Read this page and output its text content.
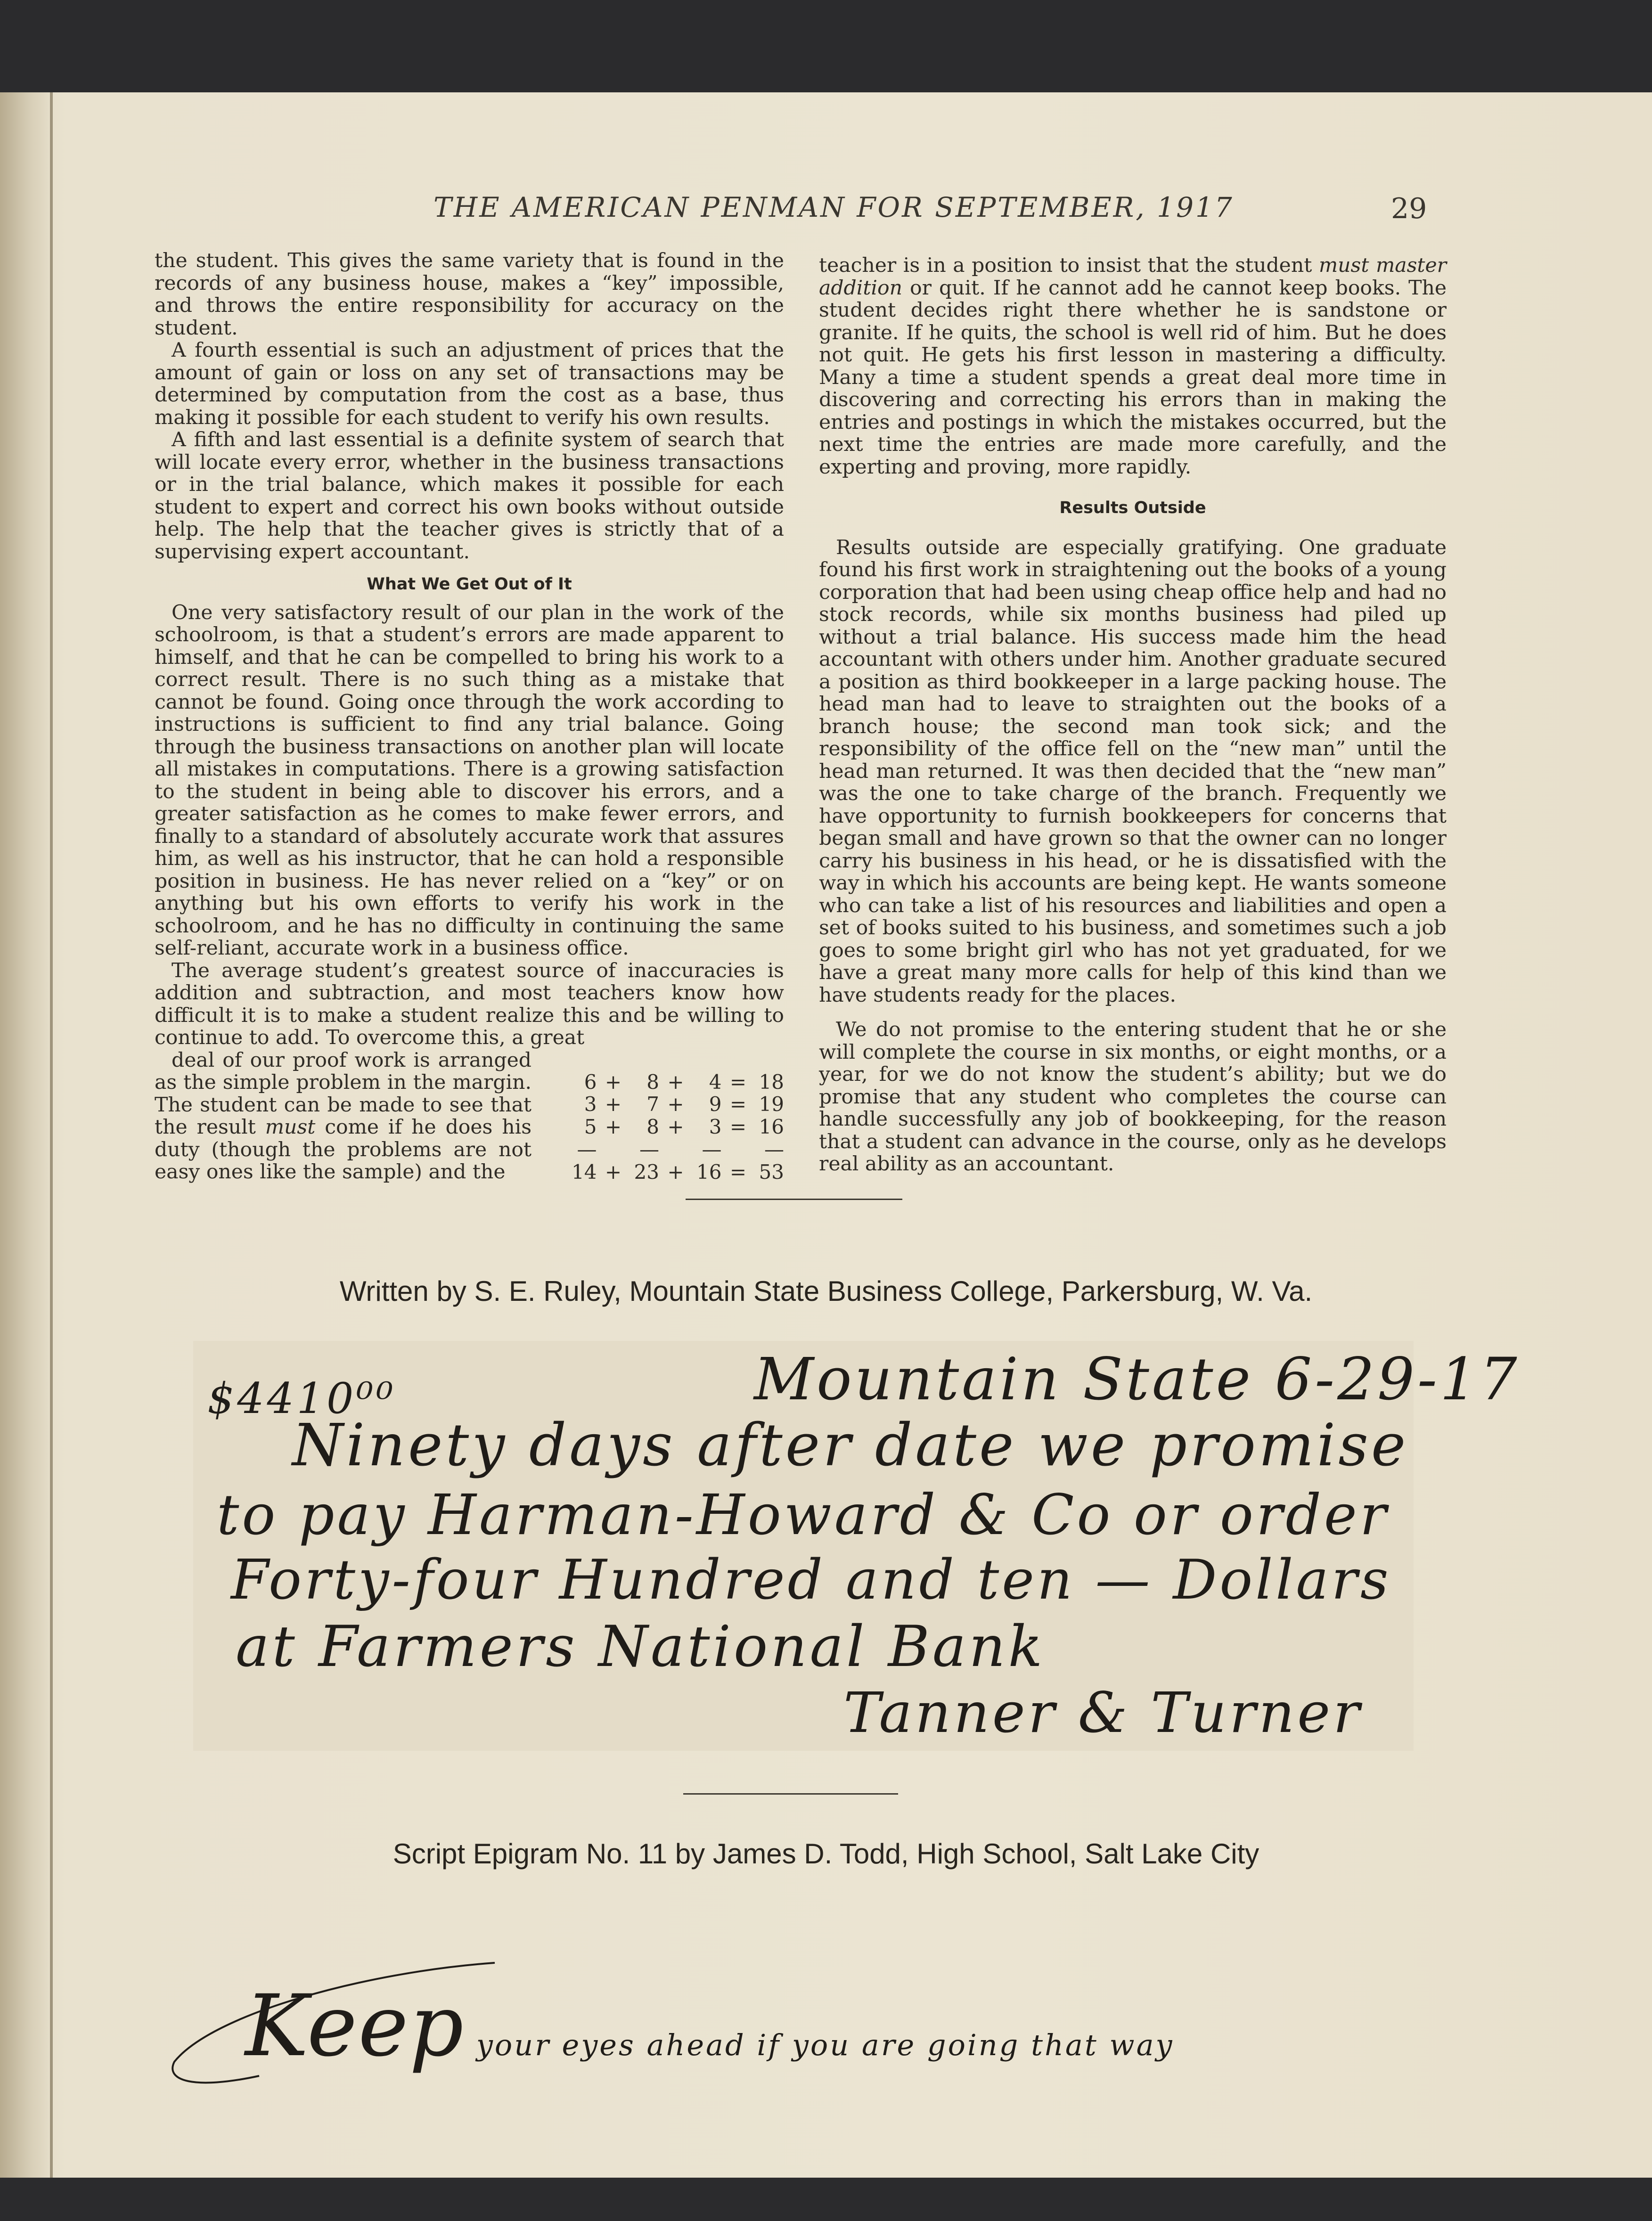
THE AMERICAN PENMAN FOR SEPTEMBER, 1917	29

the student. This gives the same variety that is found in the records of any business house, makes a “key” impossible, and throws the entire responsibility for accuracy on the student.

A fourth essential is such an adjustment of prices that the amount of gain or loss on any set of transactions may be determined by computation from the cost as a base, thus making it possible for each student to verify his own results.

A fifth and last essential is a definite system of search that will locate every error, whether in the business transactions or in the trial balance, which makes it possible for each student to expert and correct his own books without outside help. The help that the teacher gives is strictly that of a supervising expert accountant.

What We Get Out of It

One very satisfactory result of our plan in the work of the schoolroom, is that a student’s errors are made apparent to himself, and that he can be compelled to bring his work to a correct result. There is no such thing as a mistake that cannot be found. Going once through the work according to instructions is sufficient to find any trial balance. Going through the business transactions on another plan will locate all mistakes in computations. There is a growing satisfaction to the student in being able to discover his errors, and a greater satisfaction as he comes to make fewer errors, and finally to a standard of absolutely accurate work that assures him, as well as his instructor, that he can hold a responsible position in business. He has never relied on a “key” or on anything but his own efforts to verify his work in the schoolroom, and he has no difficulty in continuing the same self-reliant, accurate work in a business office.

The average student’s greatest source of inaccuracies is addition and subtraction, and most teachers know how difficult it is to make a student realize this and be willing to continue to add. To overcome this, a great

deal of our proof work is arranged as the simple problem in the margin. The student can be made to see that the result must come if he does his duty (though the problems are not easy ones like the sample) and the

6	+	8	+	4	=	18
3	+	7	+	9	=	19
5	+	8	+	3	=	16
—		—		—		—
14	+	23	+	16	=	53

teacher is in a position to insist that the student must master addition or quit. If he cannot add he cannot keep books. The student decides right there whether he is sandstone or granite. If he quits, the school is well rid of him. But he does not quit. He gets his first lesson in mastering a difficulty. Many a time a student spends a great deal more time in discovering and correcting his errors than in making the entries and postings in which the mistakes occurred, but the next time the entries are made more carefully, and the experting and proving, more rapidly.

Results Outside

Results outside are especially gratifying. One graduate found his first work in straightening out the books of a young corporation that had been using cheap office help and had no stock records, while six months business had piled up without a trial balance. His success made him the head accountant with others under him. Another graduate secured a position as third bookkeeper in a large packing house. The head man had to leave to straighten out the books of a branch house; the second man took sick; and the responsibility of the office fell on the “new man” until the head man returned. It was then decided that the “new man” was the one to take charge of the branch. Frequently we have opportunity to furnish bookkeepers for concerns that began small and have grown so that the owner can no longer carry his business in his head, or he is dissatisfied with the way in which his accounts are being kept. He wants someone who can take a list of his resources and liabilities and open a set of books suited to his business, and sometimes such a job goes to some bright girl who has not yet graduated, for we have a great many more calls for help of this kind than we have students ready for the places.

We do not promise to the entering student that he or she will complete the course in six months, or eight months, or a year, for we do not know the student’s ability; but we do promise that any student who completes the course can handle successfully any job of bookkeeping, for the reason that a student can advance in the course, only as he develops real ability as an accountant.

Written by S. E. Ruley, Mountain State Business College, Parkersburg, W. Va.
$4410⁰⁰	Mountain State 6-29-17
Ninety days after date we promise
to pay Harman-Howard & Co or order
Forty-four Hundred and ten — Dollars
at Farmers National Bank
Tanner & Turner
Script Epigram No. 11 by James D. Todd, High School, Salt Lake City
Keep your eyes ahead if you are going that way
